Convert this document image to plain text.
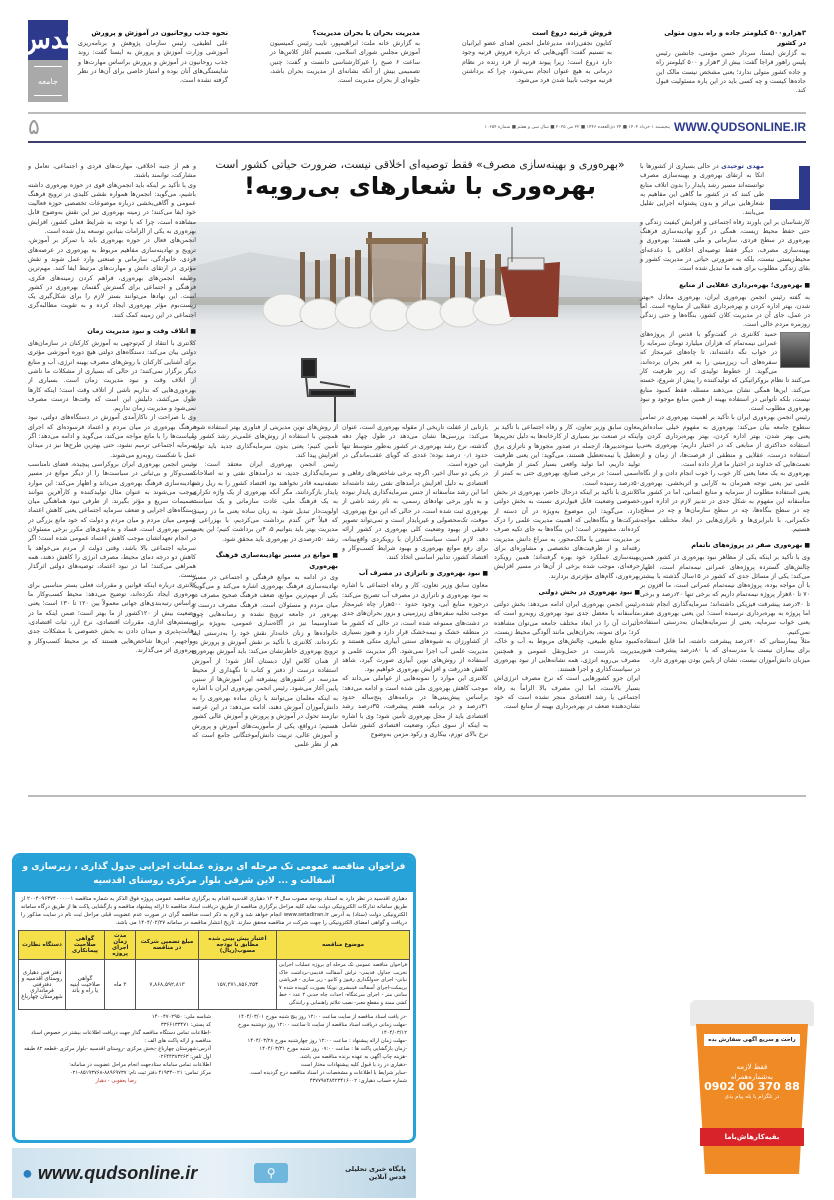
۳هزارو۵۰۰ کیلومتر جاده و راه بدون متولی در کشور

به گزارش ایسنا، سردار حسن مؤمنی، جانشین رئیس پلیس راهور فراجا گفت: بیش از ۳هزار و ۵۰۰ کیلومتر راه و جاده کشور متولی ندارد؛ یعنی مشخص نیست مالک این جاده‌ها کیست و چه کسی باید در این باره مسئولیت قبول کند.

فروش قرنیه دروغ است

کتایون نجفی‌زاده، مدیرعامل انجمن اهدای عضو ایرانیان به تسنیم گفت: آگهی‌هایی که درباره فروش قرنیه وجود دارد دروغ است؛ زیرا پیوند قرنیه از فرد زنده در نظام درمانی به هیچ عنوان انجام نمی‌شود، چرا که برداشتن قرنیه موجب نابینا شدن فرد می‌شود.

مدیریت بحران یا بحران مدیریت؟

به گزارش خانه ملت: ابراهیمپور، نایب رئیس کمیسیون آموزش مجلس شورای اسلامی، تصمیم آغاز کلاس‌ها در ساعت ۶ صبح را غیرکارشناسی دانست و گفت: چنین تصمیمی بیش از آنکه نشانه‌ای از مدیریت بحران باشد، جلوه‌ای از بحران مدیریت است.

نحوه جذب روحانیون در آموزش و پرورش

علی لطیفی، رئیس سازمان پژوهش و برنامه‌ریزی آموزشی وزارت آموزش و پرورش به ایسنا گفت: روند جذب روحانیون در آموزش و پرورش براساس مهارت‌ها و شایستگی‌های آنان بوده و امتیاز خاصی برای آن‌ها در نظر گرفته نشده است.

قدس
جامعه
WWW.QUDSONLINE.IR
پنجشنبه ۱ خرداد ۱۴۰۴ ■ ۲۴ ذی‌القعده ۱۴۴۶ ■ ۲۲ می ۲۰۲۵ ■ سال سی و هفتم ■ شماره ۱۰۶۵۴
۵
«بهره‌وری و بهینه‌سازی مصرف» فقط توصیه‌ای اخلاقی نیست، ضرورت حیاتی کشور است
بهره‌وری با شعارهای بی‌رویه!

مهدی توحیدی در حالی بسیاری از کشورها با اتکا به ارتقای بهره‌وری و بهینه‌سازی مصرف توانسته‌اند مسیر رشد پایدار را بدون اتلاف منابع طی کنند که در کشور ما گاهی این مفاهیم به شعارهایی بی‌اثر و بدون پشتوانه اجرایی تقلیل می‌یابند.

کارشناسان بر این باورند رفاه اجتماعی و افزایش کیفیت زندگی و حتی حفظ محیط زیست، همگی در گرو نهادینه‌سازی فرهنگ بهره‌وری در سطح فردی، سازمانی و ملی هستند؛ بهره‌وری و بهینه‌سازی مصرف، دیگر فقط توصیه‌ای اخلاقی یا دغدغه‌ای محیط‌زیستی نیست، بلکه به ضرورتی حیاتی در مدیریت کشور و بقای زندگی مطلوب برای همه ما تبدیل شده است.

■ بهره‌وری؛ بهره‌برداری عقلایی از منابع

به گفته رئیس انجمن بهره‌وری ایران، بهره‌وری معادل «بهتر شدن، بهتر اداره کردن و بهره‌برداری عقلایی از منابع» است. اما در عمل، جای آن در مدیریت کلان کشور، بنگاه‌ها و حتی زندگی روزمره مردم خالی است.

حمید کلانتری در گفت‌وگو با قدس از پروژه‌های عمرانی نیمه‌تمام که هزاران میلیارد تومان سرمایه را در خواب نگه داشته‌اند، تا چاه‌های غیرمجاز که سفره‌های آب زیرزمینی را به قعر بحران برده‌اند، می‌گوید. از خطوط تولیدی که زیر ظرفیت کار می‌کنند تا نظام بروکراتیکی که تولیدکننده را پیش از شروع، خسته می‌کند. این‌ها همگی نشان می‌دهند مسئله، فقط کمبود منابع نیست، بلکه ناتوانی در استفاده بهینه از همین منابع موجود و نبود بهره‌وری مطلوب است.

رئیس انجمن بهره‌وری ایران با تأکید بر اهمیت بهره‌وری در تمامی سطوح جامعه بیان می‌کند: بهره‌وری به مفهوم خیلی ساده‌اش یعنی بهتر شدن، بهتر اداره کردن، بهتر بهره‌برداری کردن و استفاده حداکثری از منابعی که در اختیار داریم؛ بهره‌وری یعنی استفاده درست، عقلایی و منطقی از فرصت‌ها، از زمان و از نعمت‌هایی که خداوند در اختیار ما قرار داده است.

بهره‌وری به یک معنا یعنی کار خوب را خوب انجام دادن و از نگاه علمی نیز یعنی توجه همزمان به کارایی و اثربخشی. بهره‌وری یعنی استفاده مطلوب از سرمایه و منابع انسانی، اما در کشور ما متأسفانه این مفهوم به شکل جدی در تدبیر لازم در اداره امور، چه در سطح بنگاه‌ها، چه در سطح سازمان‌ها و چه در سطح حکمرانی، با نابرابری‌ها و ناترازی‌هایی در ابعاد مختلف مواجه هستیم.

■ بهره‌وری صفر در پروژه‌های ناتمام

وی با تأکید بر اینکه یکی از مظاهر نبود بهره‌وری در کشور همین چالش‌های گسترده پروژه‌های عمرانی نیمه‌تمام است، اظهار می‌کند: یکی از مسائل جدی که کشور در ۱۵سال گذشته با بیشتر با آن مواجه بوده، پروژه‌های نیمه‌تمام عمرانی است. ما افزون بر ۷۰ تا ۸۰هزار پروژه نیمه‌تمام داریم که برخی تنها ۲۰درصد و برخی تا ۴۰درصد پیشرفت فیزیکی داشته‌اند؛ سرمایه‌گذاری انجام شده، اما پروژه به بهره‌برداری نرسیده است؛ این یعنی بهره‌وری صفر، یعنی خواب سرمایه، یعنی از سرمایه‌هایمان به‌درستی استفاده نمی‌کنیم.

مثلاً بیمارستانی که ۷۰درصد پیشرفت داشته، اما قابل استفاده برای بیماران نیست یا مدرسه‌ای که با ۸۰درصد پیشرفت هنوز میزبان دانش‌آموزان نیست، نشان از پایین بودن بهره‌وری دارد.

معاون سابق وزیر تعاون، کار و رفاه اجتماعی با تأکید بر اینکه در صنعت نیز بسیاری از کارخانه‌ها به دلیل تحریم‌ها یا سوءتدبیرها، ازجمله در صدور مجوزها و ناترازی برق تعطیل یا نیمه‌تعطیل هستند، می‌گوید: این یعنی ظرفیت تولید داریم، اما تولید واقعی بسیار کمتر از ظرفیت اسمی است؛ در برخی صنایع، بهره‌وری حتی به کمتر از ۵۰درصد رسیده است.

کلانتری با تأکید بر اینکه درحال حاضر، بهره‌وری در بخش خصوصی وضعیت قابل قبول‌تری نسبت به بخش دولتی دارد، می‌گوید: این موضوع به‌ویژه در آن دسته از شرکت‌ها و بنگاه‌هایی که اهمیت مدیریت علمی را درک کرده‌اند، مشهودتر است؛ این بنگاه‌ها به جای تکیه صرف بر مدیریت سنتی یا مالک‌محور، به سراغ دانش مدیریت رفته‌اند و از ظرفیت‌های تخصصی و مشاوره‌ای برای بهینه‌سازی عملکرد خود بهره گرفته‌اند؛ همین رویکرد حرفه‌ای، موجب شده برخی از آن‌ها در مسیر افزایش بهره‌وری، گام‌های مؤثرتری بردارند.

■ نبود بهره‌وری در بخش دولتی

رئیس انجمن بهره‌وری ایران ادامه می‌دهد: بخش دولتی متأسفانه با معضل جدی نبود بهره‌وری روبه‌رو است که تأثیرات آن را در ابعاد مختلف جامعه می‌توان مشاهده کرد؛ برای نمونه، بحران‌هایی مانند آلودگی محیط زیست، کمبود منابع طبیعی، چالش‌های مربوط به آب و خاک، مدیریت نادرست در حمل‌ونقل عمومی و همچنین مصرف بی‌رویه انرژی، همه نشانه‌هایی از نبود بهره‌وری در سیاست‌گذاری و اجرا هستند.

ایران جزو کشورهایی است که نرخ مصرف انرژی‌اش بسیار بالاست، اما این مصرف بالا الزاماً به رفاه اجتماعی یا رشد اقتصادی منجر نشده است که خود نشان‌دهنده ضعف در بهره‌برداری بهینه از منابع است.

بازتابی از غفلت تاریخی از مقوله بهره‌وری است، عنوان می‌کند: بررسی‌ها نشان می‌دهد در طول چهار دهه گذشته، نرخ رشد بهره‌وری در کشور به‌طور متوسط تنها حدود ۰٫۱ درصد بوده؛ عددی که گویای عقب‌ماندگی در این حوزه است.

در یکی دو سال اخیر، اگرچه برخی شاخص‌های رفاهی و اقتصادی به دلیل افزایش درآمدهای نفتی رشد داشته‌اند اما این رشد متأسفانه از جنس سرمایه‌گذاری پایدار نبوده و به باور برخی نهادهای رسمی، به نام رشد ناشی از بهره‌وری ثبت شده است، در حالی که این نوع بهره‌وری، موقت، تک‌محصولی و غیرپایدار است و نمی‌تواند تصویر دقیقی از بهبود وضعیت کلی بهره‌وری در کشور ارائه دهد. لازم است سیاست‌گذاران با رویکردی واقع‌بینانه، برای رفع موانع بهره‌وری و بهبود شرایط کسب‌وکار و اقتصاد کشور، تدابیر اساسی اتخاذ کنند.

■ نبود بهره‌وری و ناترازی در مصرف آب

معاون سابق وزیر تعاون، کار و رفاه اجتماعی با اشاره به نبود بهره‌وری و ناترازی در مصرف آب تصریح می‌کند: درحوزه منابع آبی، وجود حدود ۵۰۰هزار چاه غیرمجاز موجب تخلیه سفره‌های زیرزمینی و بروز بحران‌های جدی در دشت‌های ممنوعه شده است، در حالی که کشور ما در منطقه خشک و نیمه‌خشک قرار دارد و هنوز بسیاری از کشاورزان به شیوه‌های سنتی آبیاری متکی هستند و مدیریت علمی آب اجرا نمی‌شود. اگر مدیریت علمی و استفاده از روش‌های نوین آبیاری صورت گیرد، شاهد کاهش هدررفت و افزایش بهره‌وری خواهیم بود.

کلانتری این موارد را نمونه‌هایی از عواملی می‌داند که موجب کاهش بهره‌وری ملی شده است و ادامه می‌دهد: براساس پیش‌بینی‌ها در برنامه‌های پنج‌ساله حدود ۳۱درصد و در برنامه هفتم پیشرفت، ۳۵درصد رشد اقتصادی باید از محل بهره‌وری تأمین شود؛ وی با اشاره به اینکه از سوی دیگر، وضعیت اقتصادی کشور شامل نرخ بالای تورم، بیکاری و رکود مزمن به‌وضوح

از روش‌های نوین مدیریتی از فناوری بهتر استفاده شود، همچنین با استفاده از روش‌های علمی‌تر رشد کشور را تأمین کنیم؛ یعنی بدون سرمایه‌گذاری جدید باید تولید افزایش پیدا کند.

رئیس انجمن بهره‌وری ایران معتقد است: نه سرمایه‌گذاری جدید، نه درآمدهای نفتی و نه اصلاحات نصفه‌نیمه قادر نخواهند بود اقتصاد کشور را به ریل رشد پایدار بازگردانند، مگر آنکه بهره‌وری از یک واژه تکراری به یک فرهنگ ملی، عادت سازمانی و یک سیاست اولویت‌دار تبدیل شود. به زبان ساده یعنی ما در زمینی که قبلاً ۳تن گندم برداشت می‌کردیم، با بهزراعی و مدیریت بهتر باید بتوانیم ۵، ۴تن برداشت کنیم؛ این یعنی رشد ۵۰درصدی در بهره‌وری باید محقق شود.

■ موانع در مسیر نهادینه‌سازی فرهنگ بهره‌وری

وی در ادامه به موانع فرهنگی و اجتماعی در مسیر نهادینه‌سازی فرهنگ بهره‌وری اشاره می‌کند و می‌گوید: یکی از مهم‌ترین موانع، ضعف فرهنگ صحیح مصرف در میان مردم و مسئولان است. فرهنگ مصرف درست و بهره‌ور در جامعه ترویج نشده و رسانه‌هایی چون صداوسیما نیز در آگاه‌سازی عمومی، به‌ویژه برای خانواده‌ها و زنان خانه‌دار نقش خود را به‌درستی ایفا نکرده‌اند. کلانتری با تأکید بر نقش آموزش و پرورش در ترویج بهره‌وری خاطرنشان می‌کند: باید آموزش بهره‌وری از همان کلاس اول دبستان آغاز شود؛ از آموزش استفاده درست از دفتر و کتاب تا نگهداری از محیط مدرسه. در کشورهای پیشرفته این آموزش‌ها از سنین پایین آغاز می‌شود. رئیس انجمن بهره‌وری ایران با اشاره به اینکه معلمان می‌توانند با زبان ساده بهره‌وری را به دانش‌آموزان آموزش دهند، ادامه می‌دهد: در این عرصه نیازمند تحول در آموزش و پرورش و آموزش عالی کشور هستیم؛ درواقع، یکی از مأموریت‌های آموزش و پرورش و آموزش عالی، تربیت دانش‌آموختگانی جامع است که هم از نظر علمی

و هم از جنبه اخلاقی، مهارت‌های فردی و اجتماعی، تعامل و مشارکت، توانمند باشند.

وی با تأکید بر اینکه باید انجمن‌های قوی در حوزه بهره‌وری داشته باشیم، می‌گوید: انجمن‌ها همواره نقشی کلیدی در ترویج فرهنگ عمومی و آگاهی‌بخشی درباره موضوعات تخصصی حوزه فعالیت خود ایفا می‌کنند؛ در زمینه بهره‌وری نیز این نقش به‌وضوح قابل مشاهده است، چرا که با توجه به شرایط فعلی کشور، افزایش بهره‌وری به یکی از الزامات بنیادین توسعه بدل شده است.

انجمن‌های فعال در حوزه بهره‌وری باید با تمرکز بر آموزش، ترویج و نهادینه‌سازی مفاهیم مربوط به بهره‌وری در عرصه‌های فردی، خانوادگی، سازمانی و صنعتی وارد عمل شوند و نقش مؤثری در ارتقای دانش و مهارت‌های مرتبط ایفا کنند. مهم‌ترین وظیفه انجمن‌های بهره‌وری، فراهم کردن زمینه‌های فکری، فرهنگی و اجتماعی برای گسترش گفتمان بهره‌وری در کشور است. این نهادها می‌توانند بستر لازم را برای شکل‌گیری یک زیست‌بوم مؤثر بهره‌وری ایجاد کرده و به تقویت مطالبه‌گری اجتماعی در این زمینه کمک کنند.

■ اتلاف وقت و نبود مدیریت زمان

کلانتری با انتقاد از کم‌توجهی به آموزش کارکنان در سازمان‌های دولتی بیان می‌کند: دستگاه‌های دولتی هیچ دوره آموزشی مؤثری برای آشنایی کارکنان با روش‌های مصرف بهینه انرژی، آب و منابع دیگر برگزار نمی‌کنند؛ در حالی که بسیاری از مشکلات ما ناشی از اتلاف وقت و نبود مدیریت زمان است. بسیاری از بهره‌وری‌هایی که نداریم ناشی از اتلاف وقت است؛ اینکه کارها طول می‌کشد، دلیلش این است که وقت‌ها درست مصرف نمی‌شود و مدیریت زمان نداریم.

وی با صراحت از ناکارآمدی آموزش در دستگاه‌های دولتی، نبود فرهنگ بهره‌وری در میان مردم و اعتماد فرسوده‌ای که اجرای سیاست‌ها را با مانع مواجه می‌کند، می‌گوید و ادامه می‌دهد: اگر سرمایه اجتماعی ترمیم نشود، حتی بهترین طرح‌ها نیز در میدان عمل با شکست روبه‌رو می‌شوند.

رئیس انجمن بهره‌وری ایران بروکراسی پیچیده، فضای نامناسب کسب‌وکار و بی‌ثباتی در سیاست‌ها را از دیگر موانع در مسیر نهادینه‌سازی فرهنگ بهره‌وری می‌داند و اظهار می‌کند: این موارد موجب می‌شوند به عنوان مثال تولیدکننده و کارآفرین نتوانند تصمیمات سریع و مؤثر بگیرند. از طرفی نبود هماهنگی میان دستگاه‌های اجرایی و ضعف سرمایه اجتماعی یعنی کاهش اعتماد عمومی میان مردم و میان مردم و دولت که خود مانع بزرگی در مسیر بهره‌وری است. فساد و بدعهدی‌های مکرر برخی مسئولان در انجام تعهداتشان موجب کاهش اعتماد عمومی شده است؛ اگر سرمایه اجتماعی بالا باشد، وقتی دولت از مردم می‌خواهد با کاهش دو درجه دمای محیط، مصرف انرژی را کاهش دهند، همه همراهی می‌کنند؛ اما در نبود اعتماد، توصیه‌های دولتی اثرگذار نیست.

کلانتری درباره اینکه قوانین و مقررات فعلی بستر مناسبی برای بهره‌وری ایجاد نکرده‌اند، توضیح می‌دهد: محیط کسب‌وکار ما براساس رتبه‌بندی‌های جهانی معمولاً بین ۱۲۰ تا ۱۳۰ است؛ یعنی وضعیت بیش از ۱۲۰کشور از ما بهتر است؛ ضمن اینکه ما در سیستم‌های اداری، مقررات اقتصادی، نرخ ارز، ثبات اقتصادی، رقابت‌پذیری و میدان دادن به بخش خصوصی با مشکلات جدی مواجهیم. این‌ها شاخص‌هایی هستند که بر محیط کسب‌وکار و بهره‌وری اثر می‌گذارند.

فراخوان مناقصه عمومی تک مرحله ای پروژه عملیات اجرایی جدول گذاری ، زیرسازی و
آسفالت و ... لاین شرقی بلوار مرکزی روستای اقدسیه
دهیاری اقدسیه در نظر دارد به استناد بودجه مصوب سال ۱۴۰۳ دهیاری اقدسیه اقدام به برگزاری مناقصه عمومی پروژه فوق الذکر به شماره مناقصه ۲۰۰۴۰۹۶۳۷۴۰۰۰۰۰۱ از طریق سامانه تدارکات الکترونیکی دولت نماید کلیه مراحل برگزاری مناقصه از طریق دریافت اسناد مناقصه تا ارائه پیشنهاد مناقصه و بازگشایی پاکت ها از طریق درگاه سامانه الکترونیکی دولت (ستاد) به آدرس www.setadiran.ir انجام خواهد شد و لازم به ذکر است مناقصه گران در صورت عدم عضویت قبلی مراحل ثبت نام در سایت مذکور را دریافت و گواهی امضای الکترونیکی را جهت شرکت در مناقصه محقق سازند. تاریخ انتشار مناقصه در سامانه ۱۴۰۴/۰۲/۲۷ می باشد.
موضوع مناقصه	اعتبار پیش بینی شده مطابق با بودجه مصوب(ریال)	مبلغ تضمین شرکت در مناقصه	مدت زمان اجرای پروژه	گواهی صلاحیت پیمانکاری	دستگاه نظارت
فراخوان مناقصه عمومی تک مرحله ای پروژه عملیات اجرایی تخریب جداول قدیمی- تراش آسفالت قدیمی-برداشت خاک نباتی- اجرای جدولگذاری رفیوژ و کانیو - زیر سازی - قیرپاشی پریمکت-اجرای آسفالت فینیشری توپکا بصورت کوبیده شده ۷ سانتی متر - اجرای سرعتگاه- احداث چاه جذبی ۲ عدد - خط کشی ممتد و مقطع معبر- نصب علائم راهنمایی و رانندگی	۱۵۷,۳۷۱,۸۵۶,۲۵۴	۷,۸۶۸,۵۹۲,۸۱۳	۳ ماه	گواهی صلاحیت ابنیه یا راه و باند	دفتر فنی دهیاری روستای اقدسیه و دفترفنی فرمانداری شهرستان چهارباغ
-در یافت اسناد مناقصه از سایت ساعت ۱۲:۰۰ روز پنج شنبه مورخ ۱۴۰۴/۰۳/۰۱
-مهلت زمانی دریافت اسناد مناقصه از سایت تا ساعت ۱۲:۰۰ روز دوشنبه مورخ ۱۴۰۴/۰۳/۱۲
-مهلت زمان ارائه پیشنهاد : ساعت ۱۲:۰۰ روز چهارشنبه مورخ ۱۴۰۴/۰۳/۲۸
-زمان بازگشایی پاکت ها : ساعت ۰۷:۰۰ روز شنبه مورخ ۱۴۰۴/۰۳/۳۱
-هزینه چاپ آگهی به عهده برنده مناقصه می باشد.
-دهیاری در رد یا قبول کلیه پیشنهادات مختار است
-سایر شرایط با اطلاعات و مشخصات در اسناد مناقصه درج گردیده است.
شماره حساب دهیاری: ۴۳۷۷۹۸۴۸۴۲۳۴۱۶۰۰۲
شناسه ملی: ۱۴۰۰۴۷۰۲۹۵۰
کد پستی: ۳۳۶۶۱۳۳۴۷۱
-اطلاعات تماس دستگاه مناقصه گذار جهت دریافت اطلاعات بیشتر در خصوص اسناد مناقصه و ارائه پاکت های الف :
آدرس:شهرستان چهارباغ -بخش مرکزی -روستای اقدسیه -بلوار مرکزی -قطعه ۸۲ طبقه اول تلفن: ۰۲۶۴۴۳۸۳۲۶۳
اطلاعات تماس سامانه ستادجهت انجام مراحل عضویت در سامانه:
مرکز تماس: ۰۲۱-۴۱۹۳۴ دفتر ثبت نام: ۸۸۹۶۹۷۳۷-۸۵۱۹۳۷۶۸-۰۲۱
رضا یعقوبی - دهیار
پایگاه خبری تحلیلی
قدس آنلاین
⚲
● www.qudsonline.ir
راحت و سریع آگهی سفارش بده
فقط لازمه
به‌شماره‌همراه
0902 00 370 88
در تلگرام یا بله پیام بدی
بقیه‌کارهاش‌باما
